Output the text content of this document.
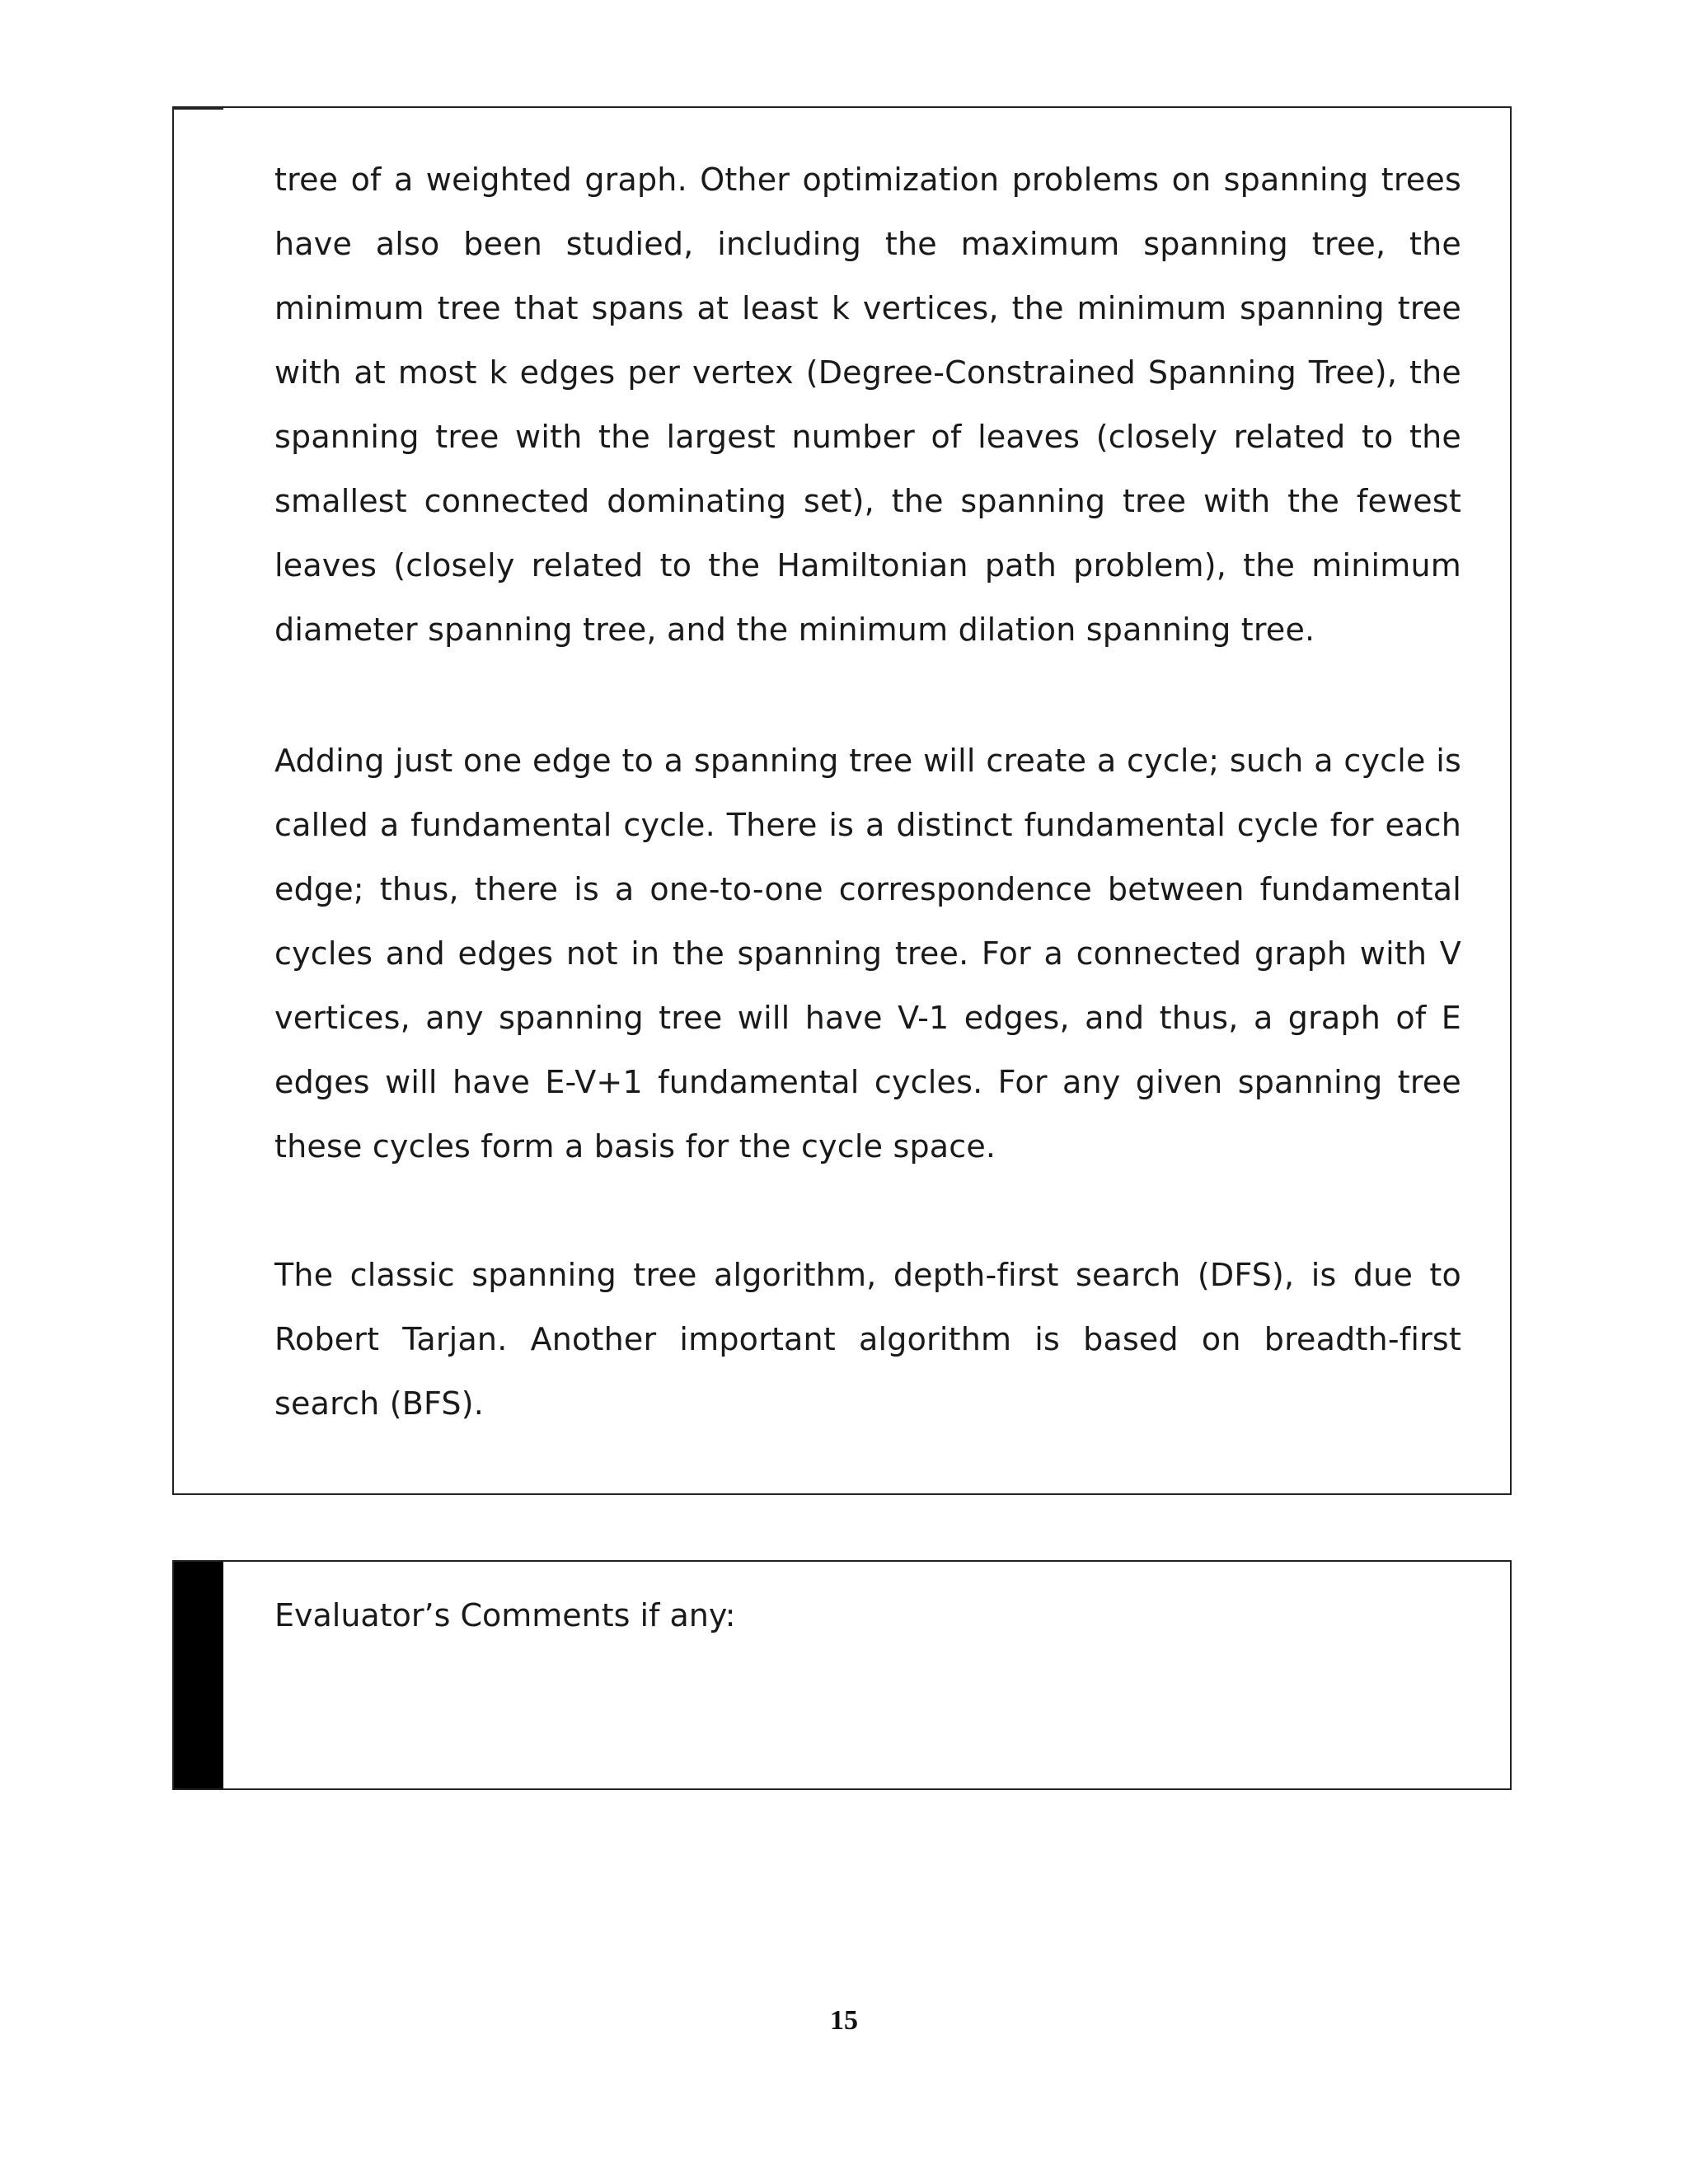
tree of a weighted graph. Other optimization problems on spanning trees have also been studied, including the maximum spanning tree, the minimum tree that spans at least k vertices, the minimum spanning tree with at most k edges per vertex (Degree-Constrained Spanning Tree), the spanning tree with the largest number of leaves (closely related to the smallest connected dominating set), the spanning tree with the fewest leaves (closely related to the Hamiltonian path problem), the minimum diameter spanning tree, and the minimum dilation spanning tree.

Adding just one edge to a spanning tree will create a cycle; such a cycle is called a fundamental cycle. There is a distinct fundamental cycle for each edge; thus, there is a one-to-one correspondence between fundamental cycles and edges not in the spanning tree. For a connected graph with V vertices, any spanning tree will have V-1 edges, and thus, a graph of E edges will have E-V+1 fundamental cycles. For any given spanning tree these cycles form a basis for the cycle space.

The classic spanning tree algorithm, depth-first search (DFS), is due to Robert Tarjan. Another important algorithm is based on breadth-first search (BFS).

Evaluator’s Comments if any:

15
